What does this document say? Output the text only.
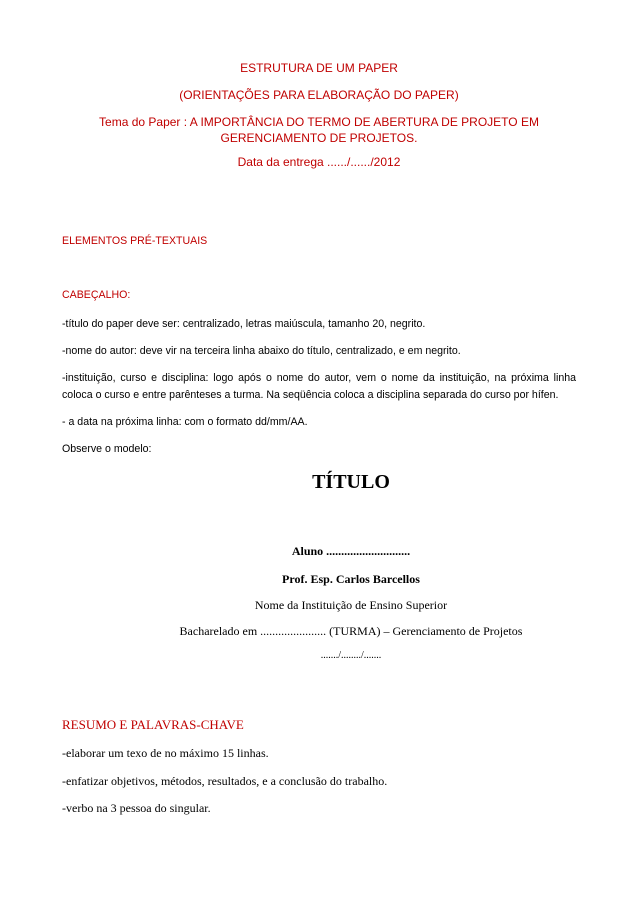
ESTRUTURA DE UM PAPER
(ORIENTAÇÕES PARA ELABORAÇÃO DO PAPER)
Tema do Paper : A IMPORTÂNCIA DO TERMO DE ABERTURA DE PROJETO EM
GERENCIAMENTO DE PROJETOS.
Data da entrega ....../....../2012
ELEMENTOS PRÉ-TEXTUAIS
CABEÇALHO:
-título do paper deve ser: centralizado, letras maiúscula, tamanho 20, negrito.
-nome do autor: deve vir na terceira linha abaixo do título, centralizado, e em negrito.
-instituição, curso e disciplina: logo após o nome do autor, vem o nome da instituição, na próxima linha coloca o curso e entre parênteses a turma. Na seqüência coloca a disciplina separada do curso por hífen.
- a data na próxima linha: com o formato dd/mm/AA.
Observe o modelo:
TÍTULO
Aluno ............................
Prof. Esp. Carlos Barcellos
Nome da Instituição de Ensino Superior
Bacharelado em ...................... (TURMA) – Gerenciamento de Projetos
......./......../.......
RESUMO E PALAVRAS-CHAVE
-elaborar um texo de no máximo 15 linhas.
-enfatizar objetivos, métodos, resultados, e a conclusão do trabalho.
-verbo na 3 pessoa do singular.
